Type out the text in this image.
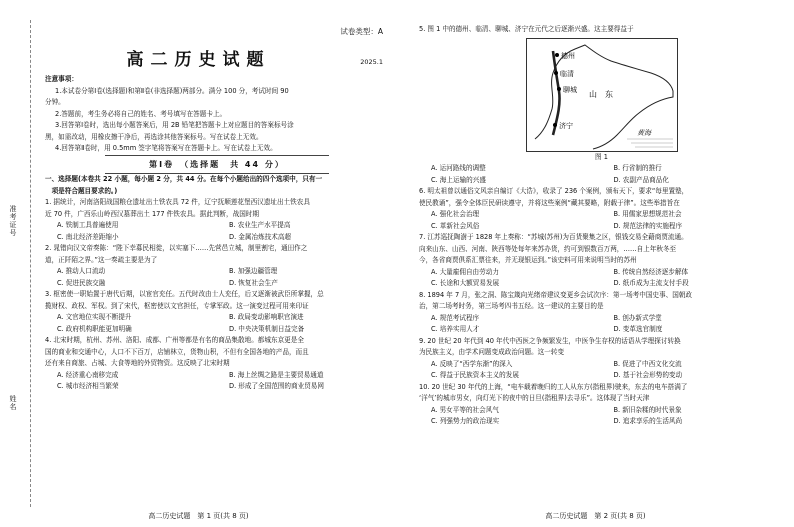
准考证号
姓名
试卷类型：A
高二历史试题	2025.1
注意事项：
1.本试卷分第Ⅰ卷(选择题)和第Ⅱ卷(非选择题)两部分。满分 100 分，考试时间 90
分钟。
2.答题前，考生务必将自己的姓名、考号填写在答题卡上。
3.回答第Ⅰ卷时，选出每小题答案后，用 2B 铅笔把答题卡上对应题目的答案标号涂
黑，如需改动，用橡皮擦干净后，再选涂其他答案标号。写在试卷上无效。
4.回答第Ⅱ卷时，用 0.5mm 签字笔将答案写在答题卡上。写在试卷上无效。
第Ⅰ卷　（选择题　共 44 分）
一、选择题(本卷共 22 小题，每小题 2 分，共 44 分。在每个小题给出的四个选项中，只有一
　项是符合题目要求的。)
1. 据统计，河南洛阳战国粮仓遗址出土铁农具 72 件，辽宁抚顺莲花堡西汉遗址出土铁农具
近 70 件，广西乐山岭西汉墓葬出土 177 件铁农具。据此判断，战国时期
A. 铁制工具普遍使用	B. 农业生产水平提高
C. 南北经济差距缩小	D. 金属冶炼技术高超
2. 晁错向汉文帝奏陈：“陛下幸募民相徙，以实塞下……先营邑立城，制里割宅，通田作之
道，正阡陌之界。”这一奏疏主要是为了
A. 推动人口流动	B. 加强边疆管理
C. 促进民族交融	D. 恢复社会生产
3. 枢密使一职始置于唐代后期，以宦官充任。五代时改由士人充任，后又逐渐被武臣所掌握，总
揽财权、政权、军权。到了宋代，枢密使以文官担任，专掌军政。这一演变过程可用来印证
A. 文官地位实现不断提升	B. 政局变动影响职官演进
C. 政府机构职能更加明确	D. 中央决策机制日益完备
4. 北宋时期，杭州、苏州、洛阳、成都、广州等都是有名的商品集散地。都城东京更是全
国的商业和交通中心，人口不下百万，店铺林立，货物山积，不但有全国各地的产品，而且
还有来自商旅、占城、大食等地的外贸物资。这反映了北宋时期
A. 经济重心南移完成	B. 海上丝绸之路是主要贸易通道
C. 城市经济相当繁荣	D. 形成了全国范围的商业贸易网
高二历史试题　第 1 页(共 8 页)
5. 图 1 中的德州、临清、聊城、济宁在元代之后逐渐兴盛。这主要得益于
德州
临清
聊城 山　东
济宁
黄海
图 1
A. 运河路线的调整	B. 行省制的推行
C. 海上运输的兴盛	D. 农副产品商品化
6. 明太祖曾以通俗文风亲自编订《大诰》，收录了 236 个案例，颁布天下，要求“每里置塾，
使民教诵”，强令全体臣民研读遵守，并将这些案例“藏其要略，附载于律”。这些举措旨在
A. 强化社会治理	B. 用儒家思想规范社会
C. 革新社会风俗	D. 规范法律的实施程序
7. 江苏巡抚陶澍于 1828 年上奏称：“苏城(苏州)为百货聚集之区，银钱交易全藉商贾流通。
向来山东、山西、河南、陕西等处每年来苏办货，约可到银数百万两，……自上年秋冬至
今，各省商贾俱系汇票往来，并无现银运到。”该史料可用来说明当时的苏州
A. 大量雇佣自由劳动力	B. 传统自然经济逐步解体
C. 长途和大额贸易发展	D. 纸币成为主流支付手段
8. 1894 年 7 月，张之洞、陈宝箴向光绪帝建议变更乡会试次序：第一场考中国史事、国朝政
治，第二场考时务，第三场考四书五经。这一建议的主要目的是
A. 规范考试程序	B. 创办新式学堂
C. 培养实用人才	D. 变革选官制度
9. 20 世纪 20 年代到 40 年代中西医之争频繁发生，中医争生存权的话语从学理探讨转换
为民族主义，由学术问题变成政治问题。这一转变
A. 反映了“西学东渐”的深入	B. 促进了中西文化交流
C. 得益于民族资本主义的发展	D. 基于社会形势的变动
10. 20 世纪 30 年代的上海，“电车载着晚归的工人从东方(指租界)驶来，东去的电车搭满了
‘洋气’的城市男女，向灯光下的夜中的日旦(指租界)去寻乐”。这体现了当时天津
A. 男女平等的社会风气	B. 新旧杂糅的时代景象
C. 列强势力的政治现实	D. 追求享乐的生活风尚
高二历史试题　第 2 页(共 8 页)
